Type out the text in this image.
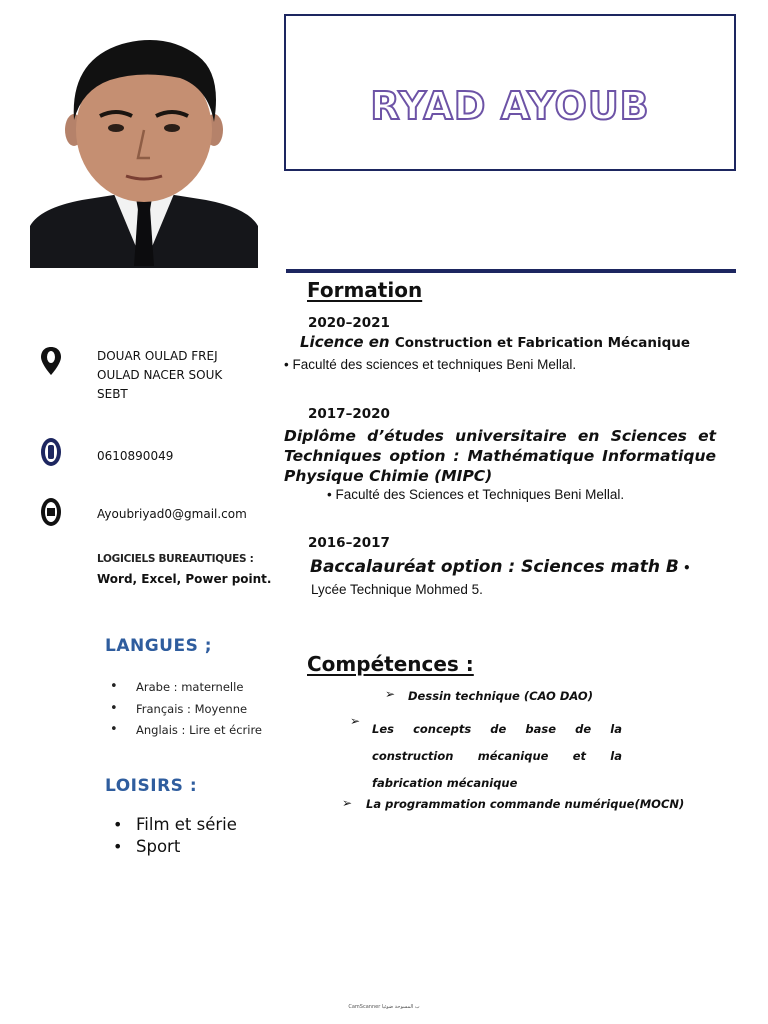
RYAD AYOUB
DOUAR OULAD FREJ
OULAD NACER SOUK
SEBT
0610890049
Ayoubriyad0@gmail.com
LOGICIELS BUREAUTIQUES :
Word, Excel, Power point.
LANGUES ;
• Arabe : maternelle
• Français : Moyenne
• Anglais : Lire et écrire
LOISIRS :
• Film et série
• Sport
Formation
2020–2021
Licence en Construction et Fabrication Mécanique
• Faculté des sciences et techniques Beni Mellal.
2017–2020
Diplôme d’études universitaire en Sciences et Techniques option : Mathématique Informatique Physique Chimie (MIPC)
• Faculté des Sciences et Techniques Beni Mellal.
2016–2017
Baccalauréat option : Sciences math B •
Lycée Technique Mohmed 5.
Compétences :
➢ Dessin technique (CAO DAO)
➢
Les concepts de base de la construction mécanique et la fabrication mécanique
➢ La programmation commande numérique(MOCN)
CamScanner ب المسوحة ضوئيا
